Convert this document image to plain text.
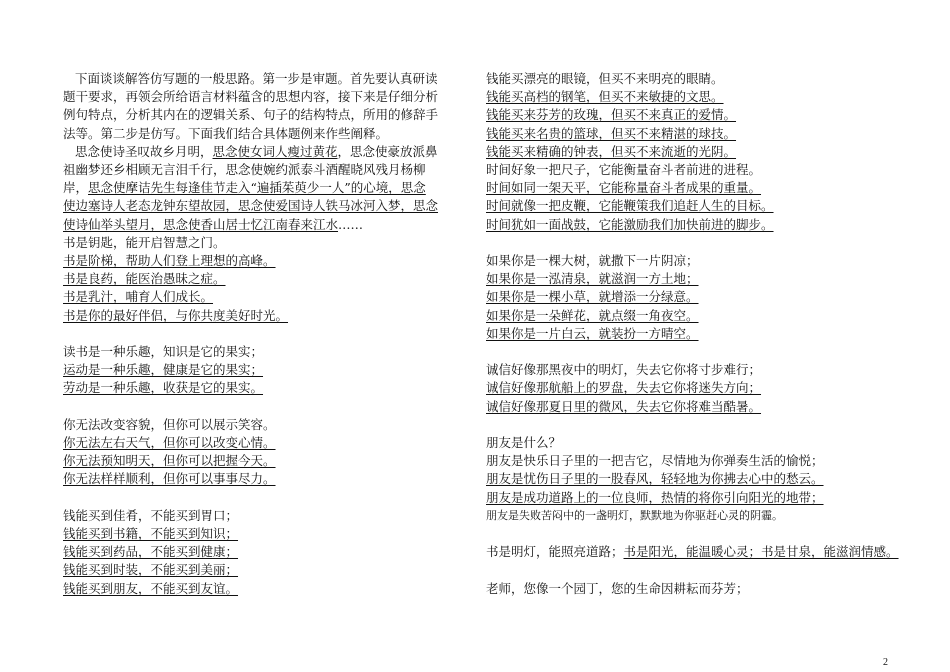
下面谈谈解答仿写题的一般思路。第一步是审题。首先要认真研读
题干要求，再领会所给语言材料蕴含的思想内容，接下来是仔细分析
例句特点，分析其内在的逻辑关系、句子的结构特点，所用的修辞手
法等。第二步是仿写。下面我们结合具体题例来作些阐释。
思念使诗圣叹故乡月明，思念使女词人瘦过黄花，思念使豪放派鼻
祖幽梦还乡相顾无言泪千行，思念使婉约派泰斗酒醒晓风残月杨柳
岸，思念使摩诘先生每逢佳节走入“遍插茱萸少一人”的心境，思念
使边塞诗人老态龙钟东望故园，思念使爱国诗人铁马冰河入梦，思念
使诗仙举头望月，思念使香山居士忆江南春来江水……
书是钥匙，能开启智慧之门。
书是阶梯，帮助人们登上理想的高峰。
书是良药，能医治愚昧之症。
书是乳汁，哺育人们成长。
书是你的最好伴侣，与你共度美好时光。
读书是一种乐趣，知识是它的果实；
运动是一种乐趣，健康是它的果实；
劳动是一种乐趣，收获是它的果实。
你无法改变容貌，但你可以展示笑容。
你无法左右天气，但你可以改变心情。
你无法预知明天，但你可以把握今天。
你无法样样顺利，但你可以事事尽力。
钱能买到佳肴，不能买到胃口；
钱能买到书籍，不能买到知识；
钱能买到药品，不能买到健康；
钱能买到时装，不能买到美丽；
钱能买到朋友，不能买到友谊。
钱能买漂亮的眼镜，但买不来明亮的眼睛。
钱能买高档的钢笔，但买不来敏捷的文思。
钱能买来芬芳的玫瑰，但买不来真正的爱情。
钱能买来名贵的篮球，但买不来精湛的球技。
钱能买来精确的钟表，但买不来流逝的光阴。
时间好象一把尺子，它能衡量奋斗者前进的进程。
时间如同一架天平，它能称量奋斗者成果的重量。
时间就像一把皮鞭，它能鞭策我们追赶人生的目标。
时间犹如一面战鼓，它能激励我们加快前进的脚步。
如果你是一棵大树，就撒下一片阴凉；
如果你是一泓清泉，就滋润一方土地；
如果你是一棵小草，就增添一分绿意。
如果你是一朵鲜花，就点缀一角夜空。
如果你是一片白云，就装扮一方晴空。
诚信好像那黑夜中的明灯，失去它你将寸步难行；
诚信好像那航船上的罗盘，失去它你将迷失方向；
诚信好像那夏日里的微风，失去它你将难当酷暑。
朋友是什么？
朋友是快乐日子里的一把吉它，尽情地为你弹奏生活的愉悦；
朋友是忧伤日子里的一股春风，轻轻地为你拂去心中的愁云。
朋友是成功道路上的一位良师，热情的将你引向阳光的地带；
朋友是失败苦闷中的一盏明灯，默默地为你驱赶心灵的阴霾。
书是明灯，能照亮道路；书是阳光，能温暖心灵；书是甘泉，能滋润情感。
老师，您像一个园丁，您的生命因耕耘而芬芳；
2
